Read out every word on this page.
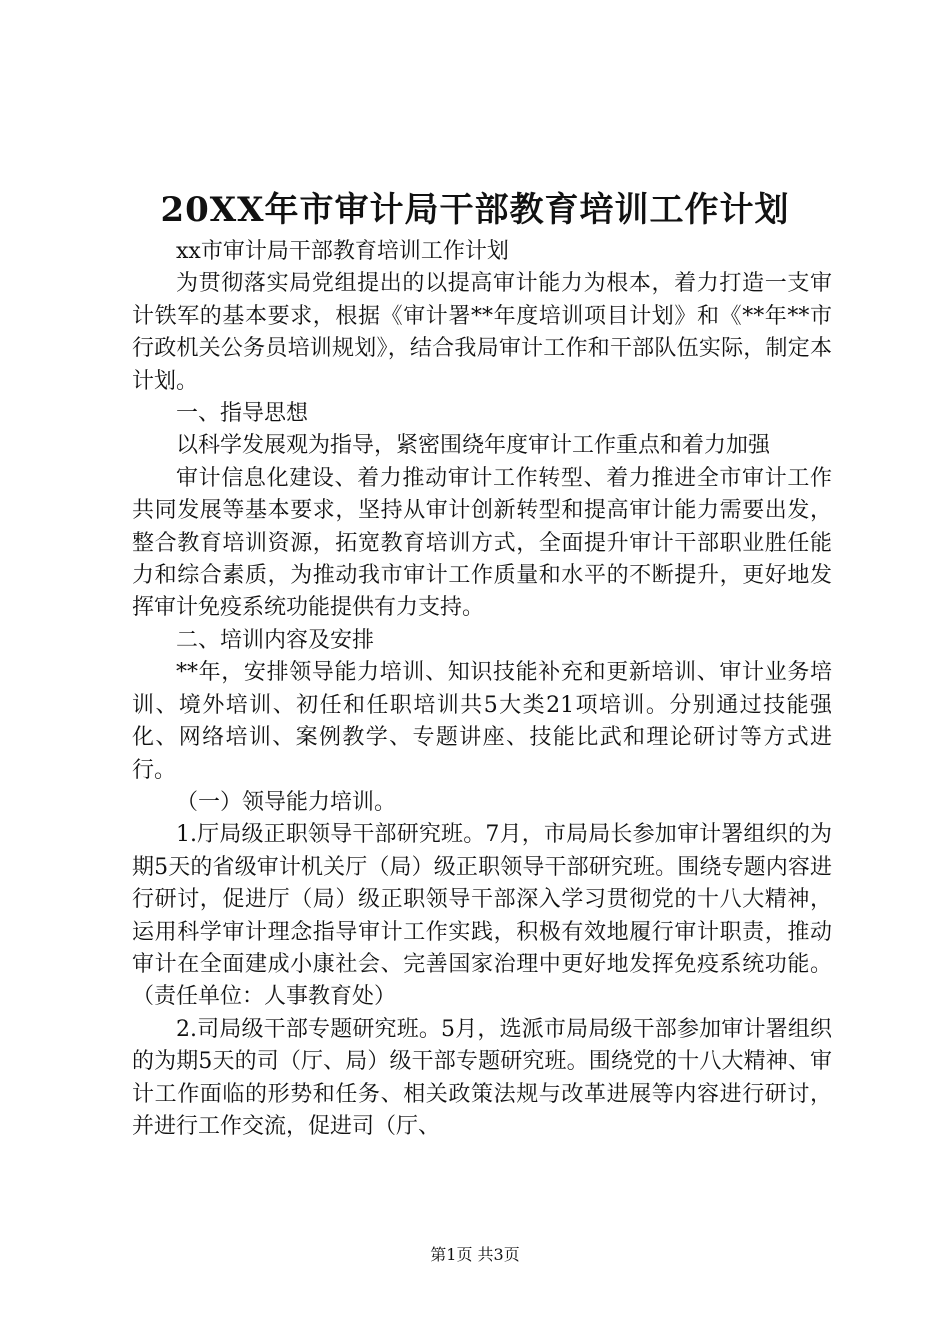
20XX年市审计局干部教育培训工作计划

xx市审计局干部教育培训工作计划

为贯彻落实局党组提出的以提高审计能力为根本，着力打造一支审计铁军的基本要求，根据《审计署**年度培训项目计划》和《**年**市行政机关公务员培训规划》，结合我局审计工作和干部队伍实际，制定本计划。

一、指导思想

以科学发展观为指导，紧密围绕年度审计工作重点和着力加强

审计信息化建设、着力推动审计工作转型、着力推进全市审计工作共同发展等基本要求，坚持从审计创新转型和提高审计能力需要出发，整合教育培训资源，拓宽教育培训方式，全面提升审计干部职业胜任能力和综合素质，为推动我市审计工作质量和水平的不断提升，更好地发挥审计免疫系统功能提供有力支持。

二、培训内容及安排

**年，安排领导能力培训、知识技能补充和更新培训、审计业务培训、境外培训、初任和任职培训共5大类21项培训。分别通过技能强化、网络培训、案例教学、专题讲座、技能比武和理论研讨等方式进行。

（一）领导能力培训。

1.厅局级正职领导干部研究班。7月，市局局长参加审计署组织的为期5天的省级审计机关厅（局）级正职领导干部研究班。围绕专题内容进行研讨，促进厅（局）级正职领导干部深入学习贯彻党的十八大精神，运用科学审计理念指导审计工作实践，积极有效地履行审计职责，推动审计在全面建成小康社会、完善国家治理中更好地发挥免疫系统功能。（责任单位：人事教育处）

2.司局级干部专题研究班。5月，选派市局局级干部参加审计署组织的为期5天的司（厅、局）级干部专题研究班。围绕党的十八大精神、审计工作面临的形势和任务、相关政策法规与改革进展等内容进行研讨，并进行工作交流，促进司（厅、

第1页 共3页
